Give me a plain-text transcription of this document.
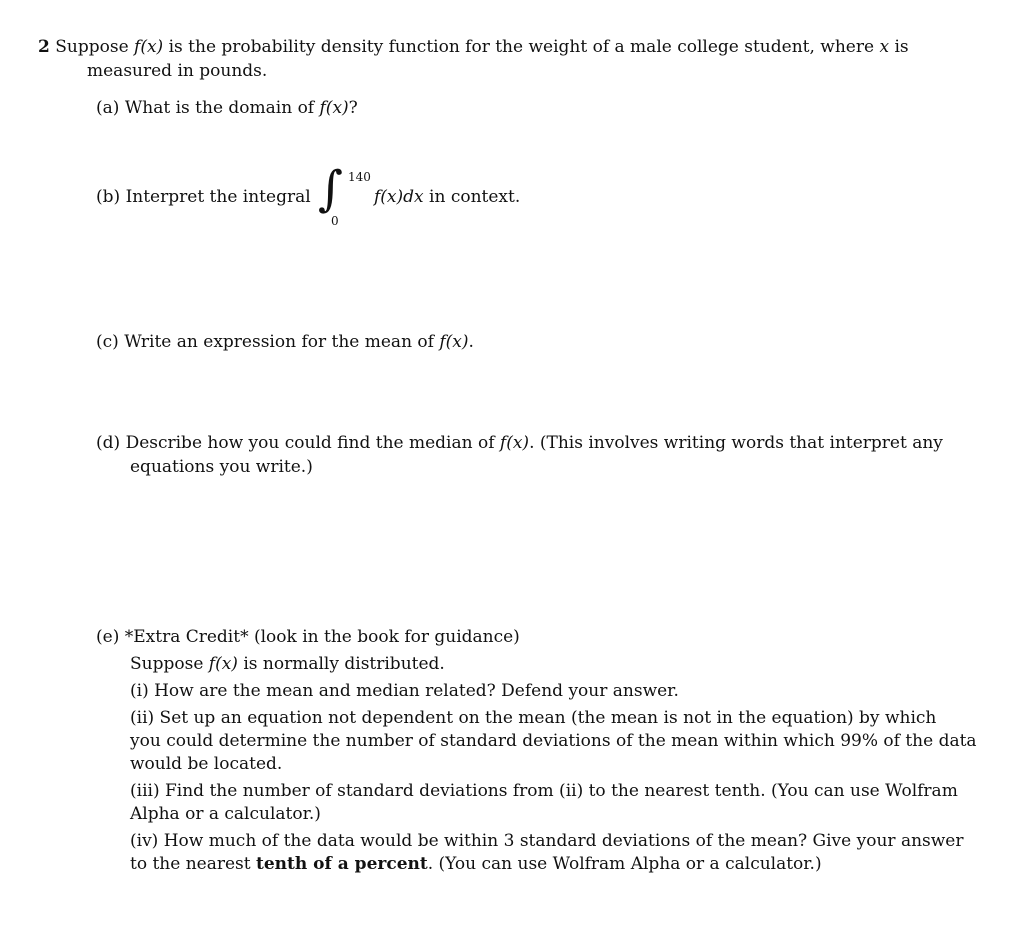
2 Suppose f(x) is the probability density function for the weight of a male college student, where x is
measured in pounds.
(a) What is the domain of f(x)?
(b) Interpret the integral ∫ 140
0
f(x)dx in context.
(c) Write an expression for the mean of f(x).
(d) Describe how you could find the median of f(x). (This involves writing words that interpret any
equations you write.)
(e) *Extra Credit* (look in the book for guidance)
Suppose f(x) is normally distributed.
(i) How are the mean and median related? Defend your answer.
(ii) Set up an equation not dependent on the mean (the mean is not in the equation) by which
you could determine the number of standard deviations of the mean within which 99% of the data
would be located.
(iii) Find the number of standard deviations from (ii) to the nearest tenth. (You can use Wolfram
Alpha or a calculator.)
(iv) How much of the data would be within 3 standard deviations of the mean? Give your answer
to the nearest tenth of a percent. (You can use Wolfram Alpha or a calculator.)
